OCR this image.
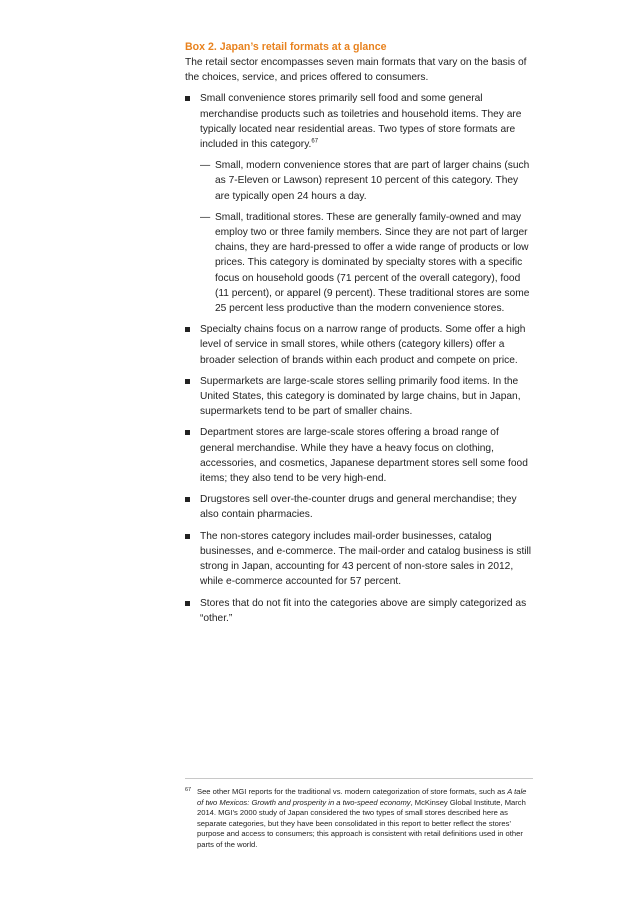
Box 2. Japan’s retail formats at a glance

The retail sector encompasses seven main formats that vary on the basis of the choices, service, and prices offered to consumers.

Small convenience stores primarily sell food and some general merchandise products such as toiletries and household items. They are typically located near residential areas. Two types of store formats are included in this category.$^{67}$
— Small, modern convenience stores that are part of larger chains (such as 7-Eleven or Lawson) represent 10 percent of this category. They are typically open 24 hours a day.
— Small, traditional stores. These are generally family-owned and may employ two or three family members. Since they are not part of larger chains, they are hard-pressed to offer a wide range of products or low prices. This category is dominated by specialty stores with a specific focus on household goods (71 percent of the overall category), food (11 percent), or apparel (9 percent). These traditional stores are some 25 percent less productive than the modern convenience stores.
Specialty chains focus on a narrow range of products. Some offer a high level of service in small stores, while others (category killers) offer a broader selection of brands within each product and compete on price.
Supermarkets are large-scale stores selling primarily food items. In the United States, this category is dominated by large chains, but in Japan, supermarkets tend to be part of smaller chains.
Department stores are large-scale stores offering a broad range of general merchandise. While they have a heavy focus on clothing, accessories, and cosmetics, Japanese department stores sell some food items; they also tend to be very high-end.
Drugstores sell over-the-counter drugs and general merchandise; they also contain pharmacies.
The non-stores category includes mail-order businesses, catalog businesses, and e-commerce. The mail-order and catalog business is still strong in Japan, accounting for 43 percent of non-store sales in 2012, while e-commerce accounted for 57 percent.
Stores that do not fit into the categories above are simply categorized as “other.”
67 See other MGI reports for the traditional vs. modern categorization of store formats, such as A tale of two Mexicos: Growth and prosperity in a two-speed economy, McKinsey Global Institute, March 2014. MGI’s 2000 study of Japan considered the two types of small stores described here as separate categories, but they have been consolidated in this report to better reflect the stores’ purpose and access to consumers; this approach is consistent with retail definitions used in other parts of the world.
